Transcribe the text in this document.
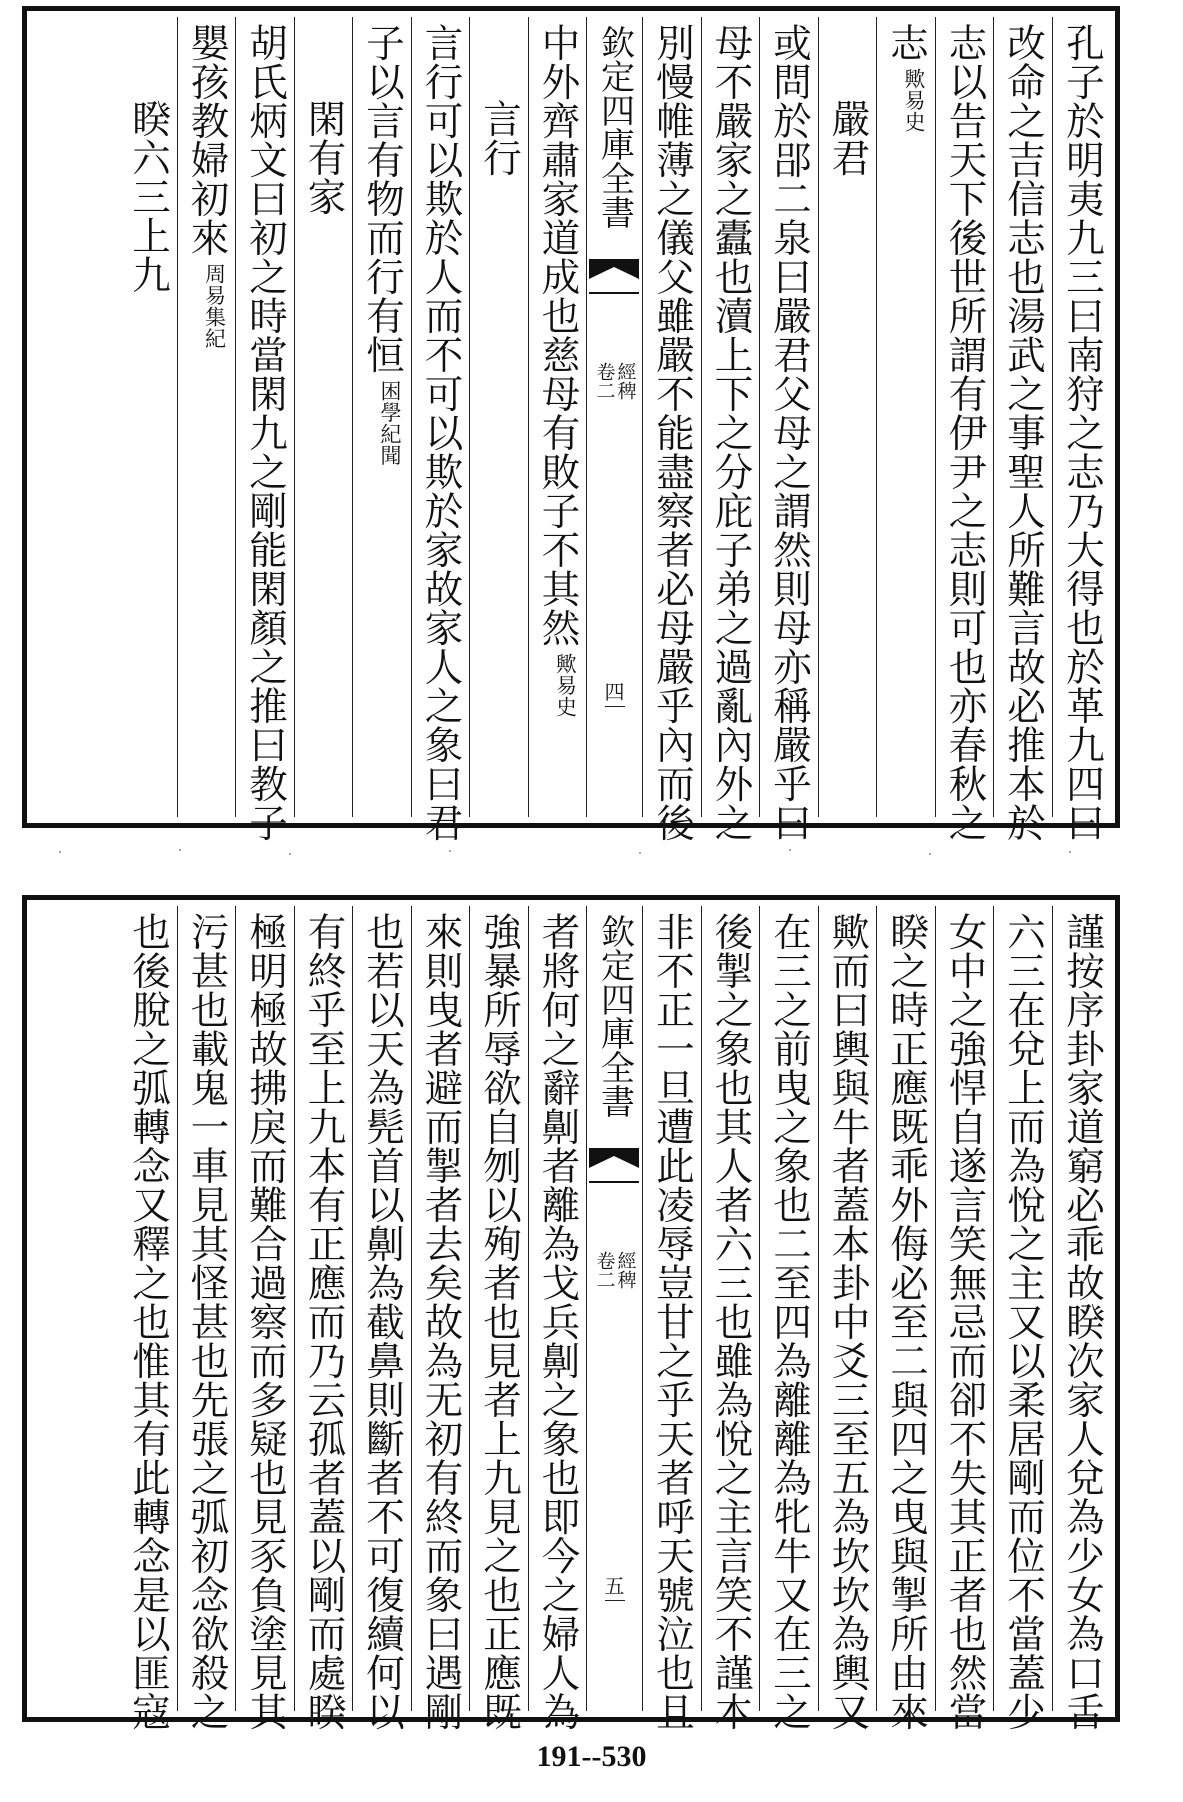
孔子於明夷九三曰南狩之志乃大得也於革九四曰
改命之吉信志也湯武之事聖人所難言故必推本於
志以告天下後世所謂有伊尹之志則可也亦春秋之
志歟易史
嚴君
或問於郘二泉曰嚴君父母之謂然則母亦稱嚴乎曰
母不嚴家之蠹也瀆上下之分庇子弟之過亂內外之
別慢帷薄之儀父雖嚴不能盡察者必母嚴乎內而後
欽定四庫全書
經稗
卷二
四
中外齊肅家道成也慈母有敗子不其然歟易史
言行
言行可以欺於人而不可以欺於家故家人之象曰君
子以言有物而行有恒困學紀聞
閑有家
胡氏炳文曰初之時當閑九之剛能閑顏之推曰教子
嬰孩教婦初來周易集紀
睽六三上九
謹按序卦家道窮必乖故睽次家人兌為少女為口舌
六三在兌上而為悅之主又以柔居剛而位不當蓋少
女中之強悍自遂言笑無忌而卻不失其正者也然當
睽之時正應既乖外侮必至二與四之曳與掣所由來
歟而曰輿與牛者蓋本卦中爻三至五為坎坎為輿又
在三之前曳之象也二至四為離離為牝牛又在三之
後掣之象也其人者六三也雖為悅之主言笑不謹本
非不正一旦遭此凌辱豈甘之乎天者呼天號泣也且
欽定四庫全書
經稗
卷二
五
者將何之辭劓者離為戈兵劓之象也即今之婦人為
強暴所辱欲自刎以殉者也見者上九見之也正應既
來則曳者避而掣者去矣故為无初有終而象曰遇剛
也若以天為髡首以劓為截鼻則斷者不可復續何以
有終乎至上九本有正應而乃云孤者蓋以剛而處睽
極明極故拂戾而難合過察而多疑也見豕負塗見其
污甚也載鬼一車見其怪甚也先張之弧初念欲殺之
也後脫之弧轉念又釋之也惟其有此轉念是以匪寇
191--530
